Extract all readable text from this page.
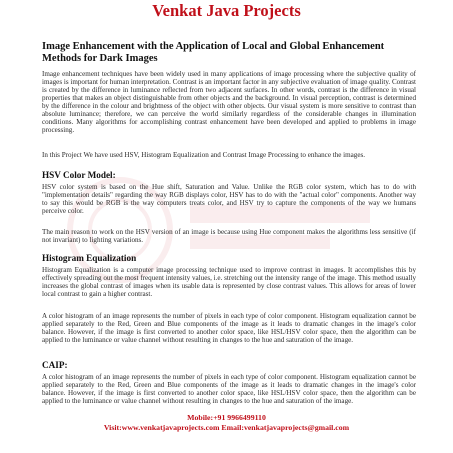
Venkat Java Projects
Image Enhancement with the Application of Local and Global Enhancement Methods for Dark Images

Image enhancement techniques have been widely used in many applications of image processing where the subjective quality of images is important for human interpretation. Contrast is an important factor in any subjective evaluation of image quality. Contrast is created by the difference in luminance reflected from two adjacent surfaces. In other words, contrast is the difference in visual properties that makes an object distinguishable from other objects and the background. In visual perception, contrast is determined by the difference in the colour and brightness of the object with other objects. Our visual system is more sensitive to contrast than absolute luminance; therefore, we can perceive the world similarly regardless of the considerable changes in illumination conditions. Many algorithms for accomplishing contrast enhancement have been developed and applied to problems in image processing.

In this Project We have used HSV, Histogram Equalization and Contrast Image Processing to enhance the images.

HSV Color Model:

HSV color system is based on the Hue shift, Saturation and Value. Unlike the RGB color system, which has to do with "implementation details" regarding the way RGB displays color, HSV has to do with the "actual color" components. Another way to say this would be RGB is the way computers treats color, and HSV try to capture the components of the way we humans perceive color.

The main reason to work on the HSV version of an image is because using Hue component makes the algorithms less sensitive (if not invariant) to lighting variations.

Histogram Equalization

Histogram Equalization is a computer image processing technique used to improve contrast in images. It accomplishes this by effectively spreading out the most frequent intensity values, i.e. stretching out the intensity range of the image. This method usually increases the global contrast of images when its usable data is represented by close contrast values. This allows for areas of lower local contrast to gain a higher contrast.

A color histogram of an image represents the number of pixels in each type of color component. Histogram equalization cannot be applied separately to the Red, Green and Blue components of the image as it leads to dramatic changes in the image's color balance. However, if the image is first converted to another color space, like HSL/HSV color space, then the algorithm can be applied to the luminance or value channel without resulting in changes to the hue and saturation of the image.

CAIP:

A color histogram of an image represents the number of pixels in each type of color component. Histogram equalization cannot be applied separately to the Red, Green and Blue components of the image as it leads to dramatic changes in the image's color balance. However, if the image is first converted to another color space, like HSL/HSV color space, then the algorithm can be applied to the luminance or value channel without resulting in changes to the hue and saturation of the image.

Mobile:+91 9966499110
Visit:www.venkatjavaprojects.com Email:venkatjavaprojects@gmail.com
